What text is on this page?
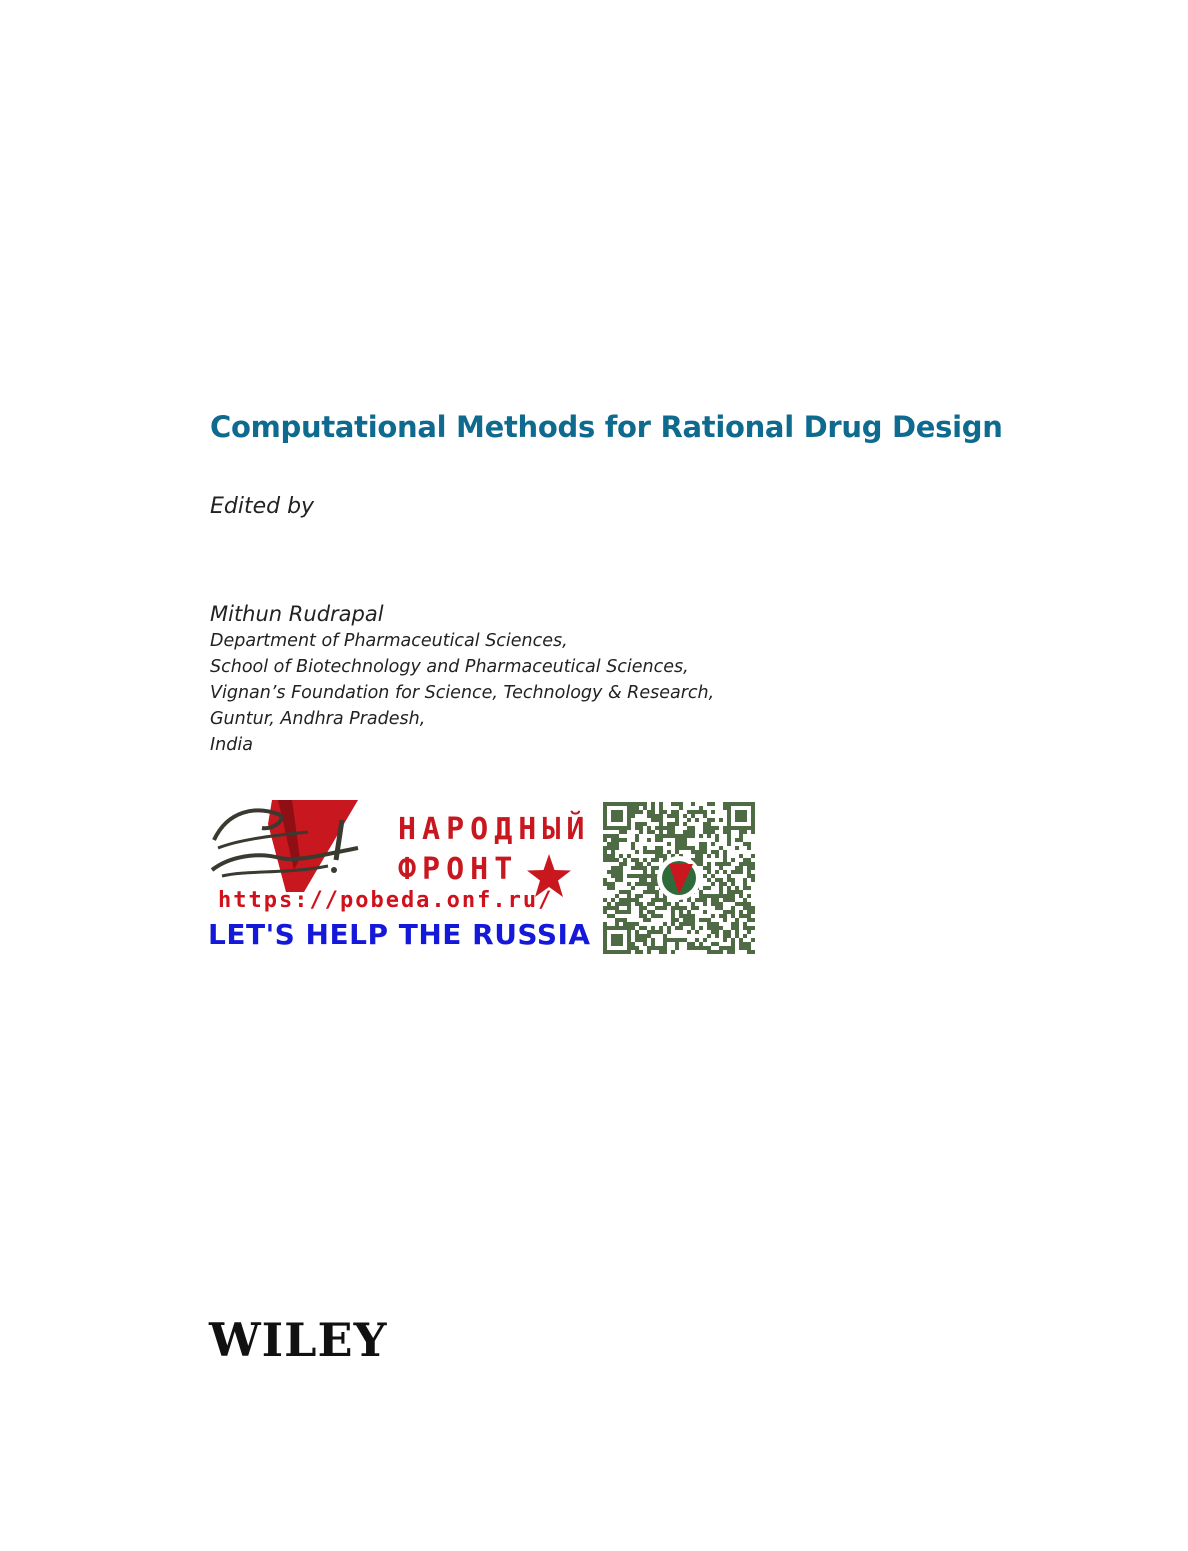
Computational Methods for Rational Drug Design
Edited by
Mithun Rudrapal
Department of Pharmaceutical Sciences,
School of Biotechnology and Pharmaceutical Sciences,
Vignan’s Foundation for Science, Technology & Research,
Guntur, Andhra Pradesh,
India
НАРОДНЫЙ
ФРОНТ
https://pobeda.onf.ru/
LET'S HELP THE RUSSIA
WILEY
